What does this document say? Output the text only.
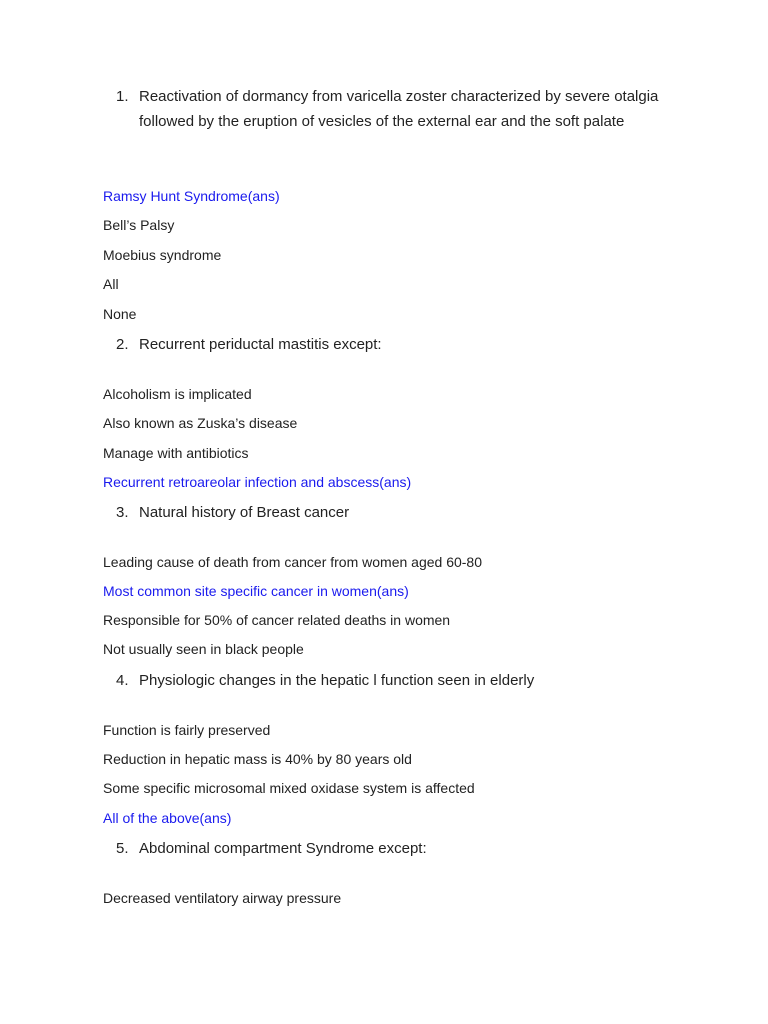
1. Reactivation of dormancy from varicella zoster characterized by severe otalgia followed by the eruption of vesicles of the external ear and the soft palate
Ramsy Hunt Syndrome(ans)
Bell’s Palsy
Moebius syndrome
All
None
2. Recurrent periductal mastitis except:
Alcoholism is implicated
Also known as Zuska’s disease
Manage with antibiotics
Recurrent retroareolar infection and abscess(ans)
3. Natural history of Breast cancer
Leading cause of death from cancer from women aged 60-80
Most common site specific cancer in women(ans)
Responsible for 50% of cancer related deaths in women
Not usually seen in black people
4. Physiologic changes in the hepatic l function seen in elderly
Function is fairly preserved
Reduction in hepatic mass is 40% by 80 years old
Some specific microsomal mixed oxidase system is affected
All of the above(ans)
5. Abdominal compartment Syndrome except:
Decreased ventilatory airway pressure
